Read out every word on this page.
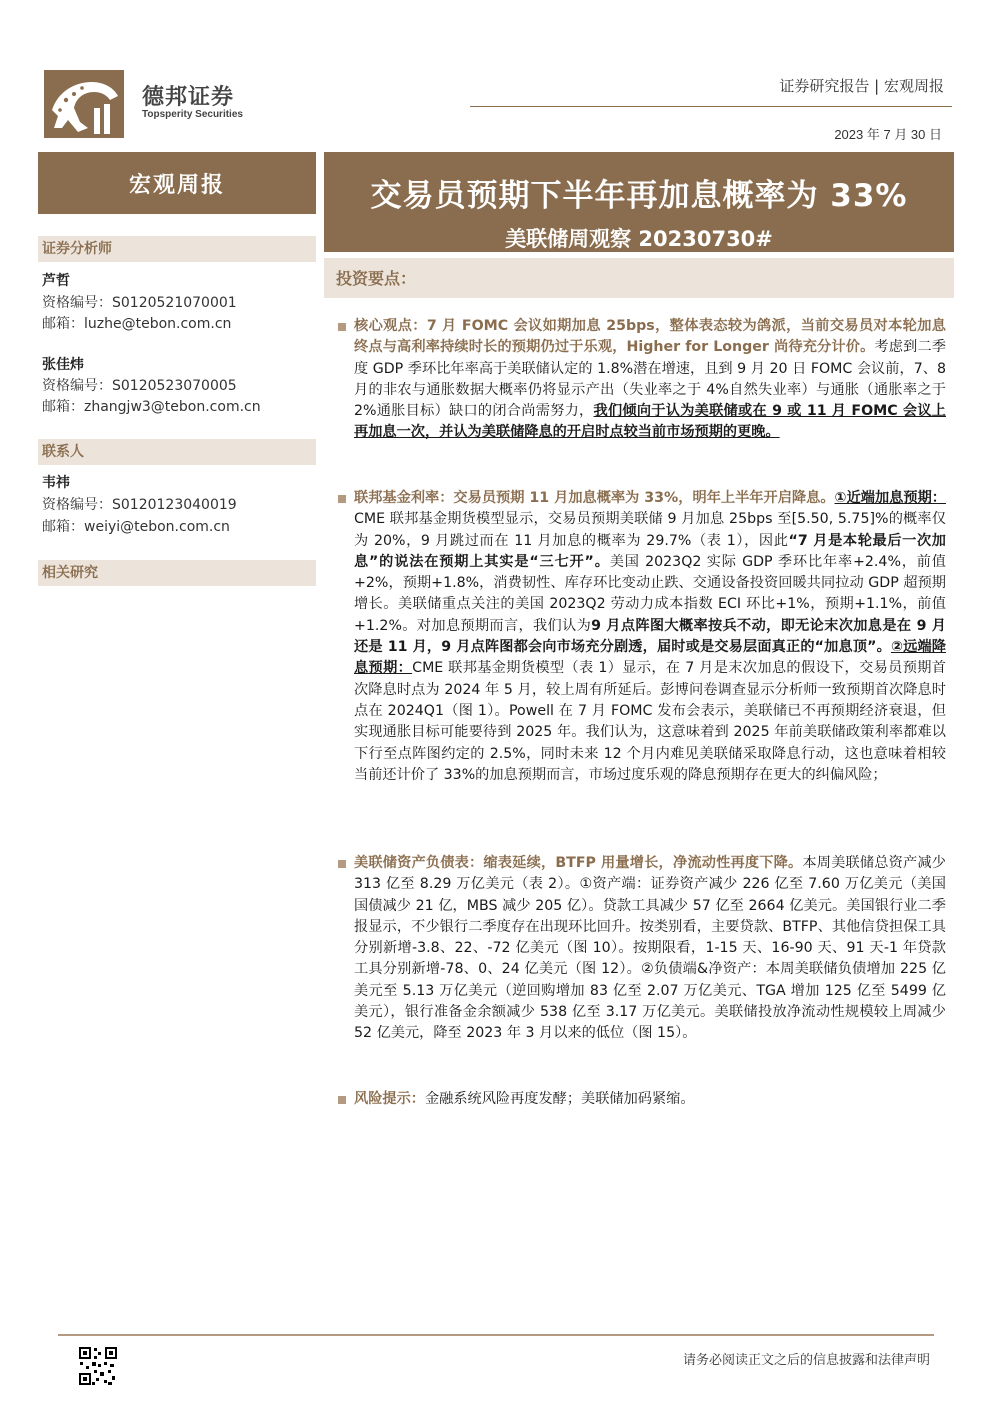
德邦证券
Topsperity Securities
证券研究报告 | 宏观周报
2023 年 7 月 30 日
宏观周报	交易员预期下半年再加息概率为 33%
美联储周观察 20230730#
证券分析师
芦哲
资格编号：S0120521070001
邮箱：luzhe@tebon.com.cn
张佳炜
资格编号：S0120523070005
邮箱：zhangjw3@tebon.com.cn
联系人
韦祎
资格编号：S0120123040019
邮箱：weiyi@tebon.com.cn
相关研究
投资要点：
核心观点：7 月 FOMC 会议如期加息 25bps，整体表态较为鸽派，当前交易员对本轮加息终点与高利率持续时长的预期仍过于乐观，Higher for Longer 尚待充分计价。考虑到二季度 GDP 季环比年率高于美联储认定的 1.8%潜在增速，且到 9 月 20 日 FOMC 会议前，7、8 月的非农与通胀数据大概率仍将显示产出（失业率之于 4%自然失业率）与通胀（通胀率之于 2%通胀目标）缺口的闭合尚需努力，我们倾向于认为美联储或在 9 或 11 月 FOMC 会议上再加息一次，并认为美联储降息的开启时点较当前市场预期的更晚。
联邦基金利率：交易员预期 11 月加息概率为 33%，明年上半年开启降息。①近端加息预期：CME 联邦基金期货模型显示，交易员预期美联储 9 月加息 25bps 至[5.50, 5.75]%的概率仅为 20%，9 月跳过而在 11 月加息的概率为 29.7%（表 1），因此“7 月是本轮最后一次加息”的说法在预期上其实是“三七开”。美国 2023Q2 实际 GDP 季环比年率+2.4%，前值+2%，预期+1.8%，消费韧性、库存环比变动止跌、交通设备投资回暖共同拉动 GDP 超预期增长。美联储重点关注的美国 2023Q2 劳动力成本指数 ECI 环比+1%，预期+1.1%，前值+1.2%。对加息预期而言，我们认为9 月点阵图大概率按兵不动，即无论末次加息是在 9 月还是 11 月，9 月点阵图都会向市场充分剧透，届时或是交易层面真正的“加息顶”。②远端降息预期：CME 联邦基金期货模型（表 1）显示，在 7 月是末次加息的假设下，交易员预期首次降息时点为 2024 年 5 月，较上周有所延后。彭博问卷调查显示分析师一致预期首次降息时点在 2024Q1（图 1）。Powell 在 7 月 FOMC 发布会表示，美联储已不再预期经济衰退，但实现通胀目标可能要待到 2025 年。我们认为，这意味着到 2025 年前美联储政策利率都难以下行至点阵图约定的 2.5%，同时未来 12 个月内难见美联储采取降息行动，这也意味着相较当前还计价了 33%的加息预期而言，市场过度乐观的降息预期存在更大的纠偏风险；
美联储资产负债表：缩表延续，BTFP 用量增长，净流动性再度下降。本周美联储总资产减少 313 亿至 8.29 万亿美元（表 2）。①资产端：证券资产减少 226 亿至 7.60 万亿美元（美国国债减少 21 亿，MBS 减少 205 亿）。贷款工具减少 57 亿至 2664 亿美元。美国银行业二季报显示，不少银行二季度存在出现环比回升。按类别看，主要贷款、BTFP、其他信贷担保工具分别新增-3.8、22、-72 亿美元（图 10）。按期限看，1-15 天、16-90 天、91 天-1 年贷款工具分别新增-78、0、24 亿美元（图 12）。②负债端&净资产：本周美联储负债增加 225 亿美元至 5.13 万亿美元（逆回购增加 83 亿至 2.07 万亿美元、TGA 增加 125 亿至 5499 亿美元），银行准备金余额减少 538 亿至 3.17 万亿美元。美联储投放净流动性规模较上周减少 52 亿美元，降至 2023 年 3 月以来的低位（图 15）。
风险提示：金融系统风险再度发酵；美联储加码紧缩。
请务必阅读正文之后的信息披露和法律声明
